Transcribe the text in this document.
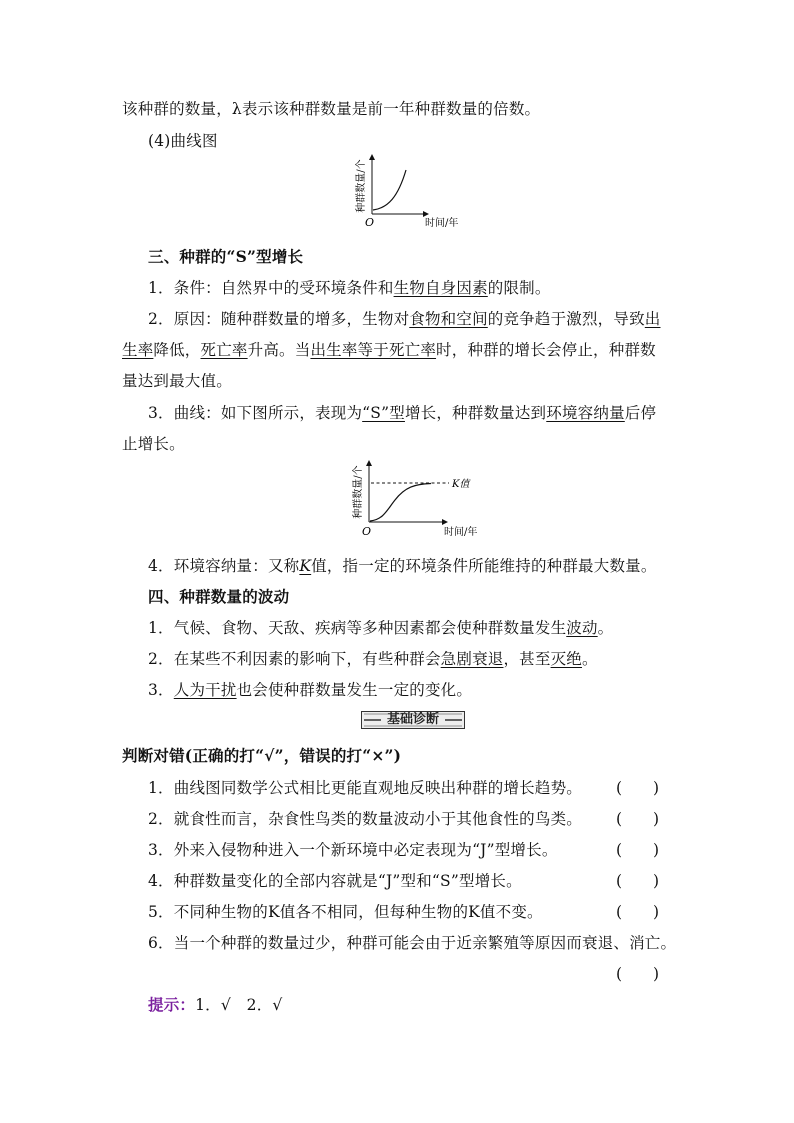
该种群的数量，λ表示该种群数量是前一年种群数量的倍数。
(4)曲线图
种群数量/个
O	时间/年
三、种群的“S”型增长
1．条件：自然界中的受环境条件和生物自身因素的限制。
2．原因：随种群数量的增多，生物对食物和空间的竞争趋于激烈，导致出
生率降低，死亡率升高。当出生率等于死亡率时，种群的增长会停止，种群数
量达到最大值。
3．曲线：如下图所示，表现为“S”型增长，种群数量达到环境容纳量后停
止增长。
种群数量/个	K值
O	时间/年
4．环境容纳量：又称K值，指一定的环境条件所能维持的种群最大数量。
四、种群数量的波动
1．气候、食物、天敌、疾病等多种因素都会使种群数量发生波动。
2．在某些不利因素的影响下，有些种群会急剧衰退，甚至灭绝。
3．人为干扰也会使种群数量发生一定的变化。
基础诊断
判断对错(正确的打“√”，错误的打“×”)
1．曲线图同数学公式相比更能直观地反映出种群的增长趋势。 (　　)
2．就食性而言，杂食性鸟类的数量波动小于其他食性的鸟类。 (　　)
3．外来入侵物种进入一个新环境中必定表现为“J”型增长。	(　　)
4．种群数量变化的全部内容就是“J”型和“S”型增长。	(　　)
5．不同种生物的K值各不相同，但每种生物的K值不变。	(　　)
6．当一个种群的数量过少，种群可能会由于近亲繁殖等原因而衰退、消亡。
(　　)
提示：1．√　2．√
